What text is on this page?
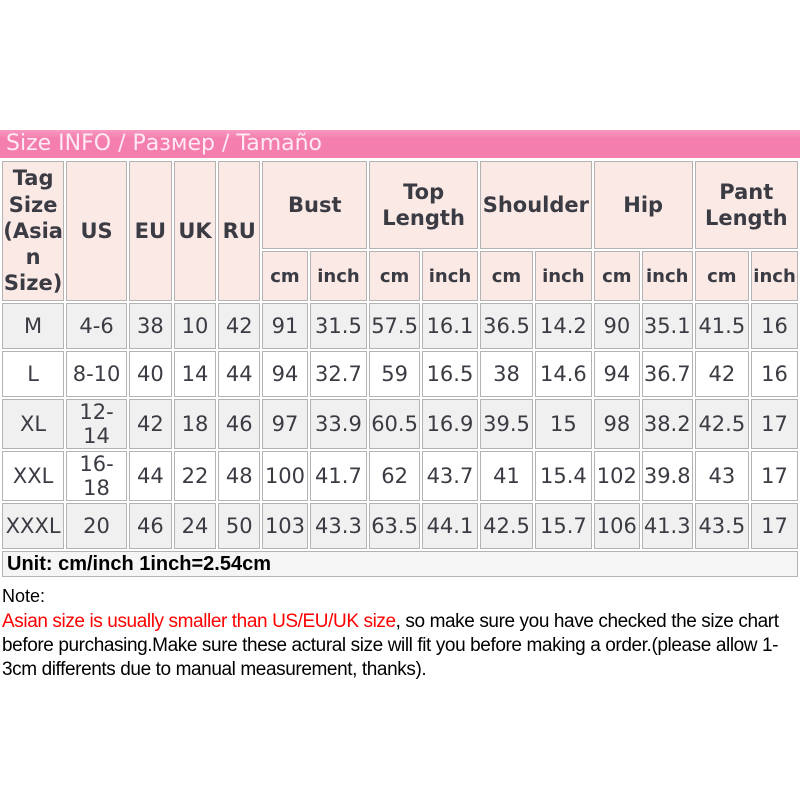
Size INFO / Размер / Tamaño
Tag Size (Asian Size)	US	EU	UK	RU	Bust		Top Length		Shoulder		Hip		Pant Length	
					cm	inch	cm	inch	cm	inch	cm	inch	cm	inch
M	4-6	38	10	42	91	31.5	57.5	16.1	36.5	14.2	90	35.1	41.5	16
L	8-10	40	14	44	94	32.7	59	16.5	38	14.6	94	36.7	42	16
XL	12-14	42	18	46	97	33.9	60.5	16.9	39.5	15	98	38.2	42.5	17
XXL	16-18	44	22	48	100	41.7	62	43.7	41	15.4	102	39.8	43	17
XXXL	20	46	24	50	103	43.3	63.5	44.1	42.5	15.7	106	41.3	43.5	17
Unit: cm/inch 1inch=2.54cm														
Note:

Asian size is usually smaller than US/EU/UK size, so make sure you have checked the size chart before purchasing.Make sure these actural size will fit you before making a order.(please allow 1-3cm differents due to manual measurement, thanks).
